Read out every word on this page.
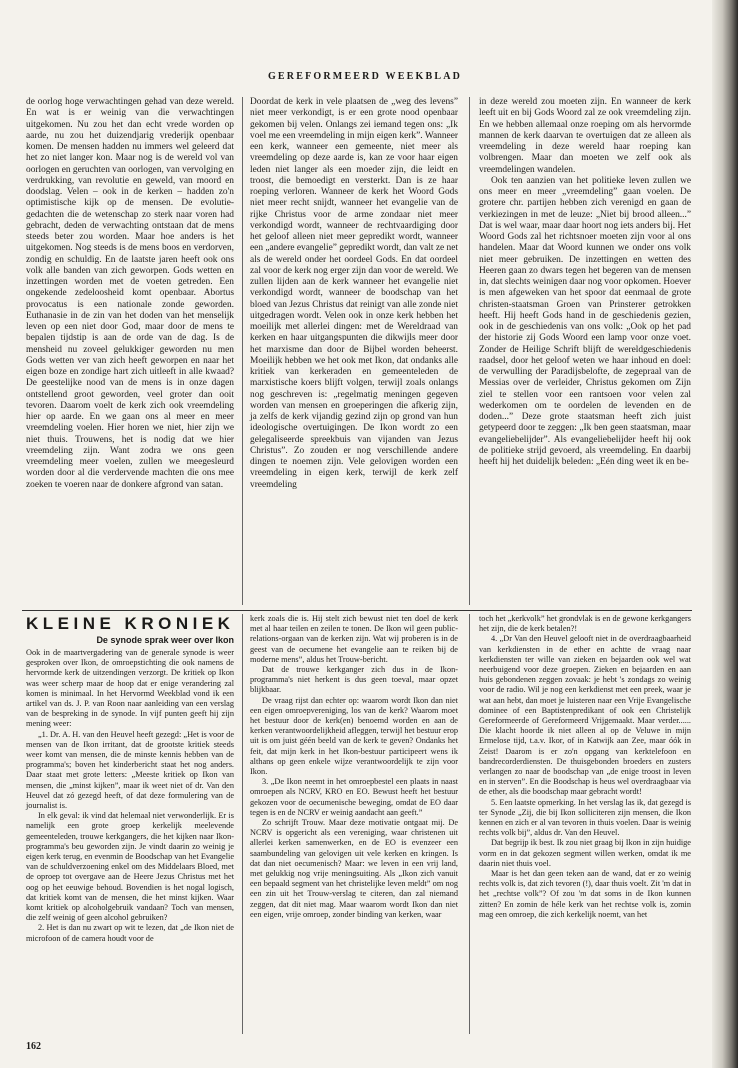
GEREFORMEERD WEEKBLAD

de oorlog hoge verwachtingen gehad van deze wereld. En wat is er weinig van die verwachtingen uitgekomen. Nu zou het dan echt vrede worden op aarde, nu zou het duizendjarig vrederijk openbaar komen. De mensen hadden nu immers wel geleerd dat het zo niet langer kon. Maar nog is de wereld vol van oorlogen en geruchten van oorlogen, van vervolging en verdrukking, van revolutie en geweld, van moord en doodslag. Velen – ook in de kerken – hadden zo'n optimistische kijk op de mensen. De evolutie-gedachten die de wetenschap zo sterk naar voren had gebracht, deden de verwachting ontstaan dat de mens steeds beter zou worden. Maar hoe anders is het uitgekomen. Nog steeds is de mens boos en verdorven, zondig en schuldig. En de laatste jaren heeft ook ons volk alle banden van zich geworpen. Gods wetten en inzettingen worden met de voeten getreden. Een ongekende zedeloosheid komt openbaar. Abortus provocatus is een nationale zonde geworden. Euthanasie in de zin van het doden van het menselijk leven op een niet door God, maar door de mens te bepalen tijdstip is aan de orde van de dag. Is de mensheid nu zoveel gelukkiger geworden nu men Gods wetten ver van zich heeft geworpen en naar het eigen boze en zondige hart zich uitleeft in alle kwaad? De geestelijke nood van de mens is in onze dagen ontstellend groot geworden, veel groter dan ooit tevoren. Daarom voelt de kerk zich ook vreemdeling hier op aarde. En we gaan ons al meer en meer vreemdeling voelen. Hier horen we niet, hier zijn we niet thuis. Trouwens, het is nodig dat we hier vreemdeling zijn. Want zodra we ons geen vreemdeling meer voelen, zullen we meegesleurd worden door al die verdervende machten die ons mee zoeken te voeren naar de donkere afgrond van satan.

Doordat de kerk in vele plaatsen de „weg des levens” niet meer verkondigt, is er een grote nood openbaar gekomen bij velen. Onlangs zei iemand tegen ons: „Ik voel me een vreemdeling in mijn eigen kerk”. Wanneer een kerk, wanneer een gemeente, niet meer als vreemdeling op deze aarde is, kan ze voor haar eigen leden niet langer als een moeder zijn, die leidt en troost, die bemoedigt en versterkt. Dan is ze haar roeping verloren. Wanneer de kerk het Woord Gods niet meer recht snijdt, wanneer het evangelie van de rijke Christus voor de arme zondaar niet meer verkondigd wordt, wanneer de rechtvaardiging door het geloof alleen niet meer gepredikt wordt, wanneer een „andere evangelie” gepredikt wordt, dan valt ze net als de wereld onder het oordeel Gods. En dat oordeel zal voor de kerk nog erger zijn dan voor de wereld. We zullen lijden aan de kerk wanneer het evangelie niet verkondigd wordt, wanneer de boodschap van het bloed van Jezus Christus dat reinigt van alle zonde niet uitgedragen wordt. Velen ook in onze kerk hebben het moeilijk met allerlei dingen: met de Wereldraad van kerken en haar uitgangspunten die dikwijls meer door het marxisme dan door de Bijbel worden beheerst. Moeilijk hebben we het ook met Ikon, dat ondanks alle kritiek van kerkeraden en gemeenteleden de marxistische koers blijft volgen, terwijl zoals onlangs nog geschreven is: „regelmatig meningen gegeven worden van mensen en groeperingen die afkerig zijn, ja zelfs de kerk vijandig gezind zijn op grond van hun ideologische overtuigingen. De Ikon wordt zo een gelegaliseerde spreekbuis van vijanden van Jezus Christus”. Zo zouden er nog verschillende andere dingen te noemen zijn. Vele gelovigen worden een vreemdeling in eigen kerk, terwijl de kerk zelf vreemdeling

in deze wereld zou moeten zijn. En wanneer de kerk leeft uit en bij Gods Woord zal ze ook vreemdeling zijn. En we hebben allemaal onze roeping om als hervormde mannen de kerk daarvan te overtuigen dat ze alleen als vreemdeling in deze wereld haar roeping kan volbrengen. Maar dan moeten we zelf ook als vreemdelingen wandelen.

Ook ten aanzien van het politieke leven zullen we ons meer en meer „vreemdeling” gaan voelen. De grotere chr. partijen hebben zich verenigd en gaan de verkiezingen in met de leuze: „Niet bij brood alleen...” Dat is wel waar, maar daar hoort nog iets anders bij. Het Woord Gods zal het richtsnoer moeten zijn voor al ons handelen. Maar dat Woord kunnen we onder ons volk niet meer gebruiken. De inzettingen en wetten des Heeren gaan zo dwars tegen het begeren van de mensen in, dat slechts weinigen daar nog voor opkomen. Hoever is men afgeweken van het spoor dat eenmaal de grote christen-staatsman Groen van Prinsterer getrokken heeft. Hij heeft Gods hand in de geschiedenis gezien, ook in de geschiedenis van ons volk: „Ook op het pad der historie zij Gods Woord een lamp voor onze voet. Zonder de Heilige Schrift blijft de wereldgeschiedenis raadsel, door het geloof weten we haar inhoud en doel: de verwulling der Paradijsbelofte, de zegepraal van de Messias over de verleider, Christus gekomen om Zijn ziel te stellen voor een rantsoen voor velen zal wederkomen om te oordelen de levenden en de doden...” Deze grote staatsman heeft zich juist getypeerd door te zeggen: „Ik ben geen staatsman, maar evangeliebelijder”. Als evangeliebelijder heeft hij ook de politieke strijd gevoerd, als vreemdeling. En daarbij heeft hij het duidelijk beleden: „Eén ding weet ik en be-

KLEINE KRONIEK
De synode sprak weer over Ikon

Ook in de maartvergadering van de generale synode is weer gesproken over Ikon, de omroepstichting die ook namens de hervormde kerk de uitzendingen verzorgt. De kritiek op Ikon was weer scherp maar de hoop dat er enige verandering zal komen is minimaal. In het Hervormd Weekblad vond ik een artikel van ds. J. P. van Roon naar aanleiding van een verslag van de bespreking in de synode. In vijf punten geeft hij zijn mening weer:

„1. Dr. A. H. van den Heuvel heeft gezegd: „Het is voor de mensen van de Ikon irritant, dat de grootste kritiek steeds weer komt van mensen, die de minste kennis hebben van de programma's; boven het kinderbericht staat het nog anders. Daar staat met grote letters: „Meeste kritiek op Ikon van mensen, die „minst kijken”, maar ik weet niet of dr. Van den Heuvel dat zó gezegd heeft, of dat deze formulering van de journalist is.

In elk geval: ik vind dat helemaal niet verwonderlijk. Er is namelijk een grote groep kerkelijk meelevende gemeenteleden, trouwe kerkgangers, die het kijken naar Ikon-programma's beu geworden zijn. Je vindt daarin zo weinig je eigen kerk terug, en evenmin de Boodschap van het Evangelie van de schuldverzoening enkel om des Middelaars Bloed, met de oproep tot overgave aan de Heere Jezus Christus met het oog op het eeuwige behoud. Bovendien is het nogal logisch, dat kritiek komt van de mensen, die het minst kijken. Waar komt kritiek op alcoholgebruik vandaan? Toch van mensen, die zelf weinig of geen alcohol gebruiken?

2. Het is dan nu zwart op wit te lezen, dat „de Ikon niet de microfoon of de camera houdt voor de

kerk zoals die is. Hij stelt zich bewust niet ten doel de kerk met al haar teilen en zeilen te tonen. De Ikon wil geen public-relations-orgaan van de kerken zijn. Wat wij proberen is in de geest van de oecumene het evangelie aan te reiken bij de moderne mens”, aldus het Trouw-bericht.

Dat de trouwe kerkganger zich dus in de Ikon-programma's niet herkent is dus geen toeval, maar opzet blijkbaar.

De vraag rijst dan echter op: waarom wordt Ikon dan niet een eigen omroepvereniging, los van de kerk? Waarom moet het bestuur door de kerk(en) benoemd worden en aan de kerken verantwoordelijkheid afleggen, terwijl het bestuur erop uit is om juist géén beeld van de kerk te geven? Ondanks het feit, dat mijn kerk in het Ikon-bestuur participeert wens ik althans op geen enkele wijze verantwoordelijk te zijn voor Ikon.

3. „De Ikon neemt in het omroepbestel een plaats in naast omroepen als NCRV, KRO en EO. Bewust heeft het bestuur gekozen voor de oecumenische beweging, omdat de EO daar tegen is en de NCRV er weinig aandacht aan geeft.”

Zo schrijft Trouw. Maar deze motivatie ontgaat mij. De NCRV is opgericht als een vereniging, waar christenen uit allerlei kerken samenwerken, en de EO is evenzeer een saambundeling van gelovigen uit vele kerken en kringen. Is dat dan niet oecumenisch? Maar: we leven in een vrij land, met gelukkig nog vrije meningsuiting. Als „Ikon zich vanuit een bepaald segment van het christelijke leven meldt” om nog een zin uit het Trouw-verslag te citeren, dan zal niemand zeggen, dat dit niet mag. Maar waarom wordt Ikon dan niet een eigen, vrije omroep, zonder binding van kerken, waar

toch het „kerkvolk” het grondvlak is en de gewone kerkgangers het zijn, die de kerk betalen?!

4. „Dr Van den Heuvel gelooft niet in de overdraagbaarheid van kerkdiensten in de ether en achtte de vraag naar kerkdiensten ter wille van zieken en bejaarden ook wel wat neerbuigend voor deze groepen. Zieken en bejaarden en aan huis gebondenen zeggen zovaak: je hebt 's zondags zo weinig voor de radio. Wil je nog een kerkdienst met een preek, waar je wat aan hebt, dan moet je luisteren naar een Vrije Evangelische dominee of een Baptistenpredikant of ook een Christelijk Gereformeerde of Gereformeerd Vrijgemaakt. Maar verder...... Die klacht hoorde ik niet alleen al op de Veluwe in mijn Ermelose tijd, t.a.v. Ikor, of in Katwijk aan Zee, maar óók in Zeist! Daarom is er zo'n opgang van kerktelefoon en bandrecorderdiensten. De thuisgebonden broeders en zusters verlangen zo naar de boodschap van „de enige troost in leven en in sterven”. En die Boodschap is heus wel overdraagbaar via de ether, als die boodschap maar gebracht wordt!

5. Een laatste opmerking. In het verslag las ik, dat gezegd is ter Synode „Zij, die bij Ikon solliciteren zijn mensen, die Ikon kennen en zich er al van tevoren in thuis voelen. Daar is weinig rechts volk bij”, aldus dr. Van den Heuvel.

Dat begrijp ik best. Ik zou niet graag bij Ikon in zijn huidige vorm en in dat gekozen segment willen werken, omdat ik me daarin niet thuis voel.

Maar is het dan geen teken aan de wand, dat er zo weinig rechts volk is, dat zich tevoren (!), daar thuis voelt. Zit 'm dat in het „rechtse volk”? Of zou 'm dat soms in de Ikon kunnen zitten? En zomin de héle kerk van het rechtse volk is, zomin mag een omroep, die zich kerkelijk noemt, van het

162
